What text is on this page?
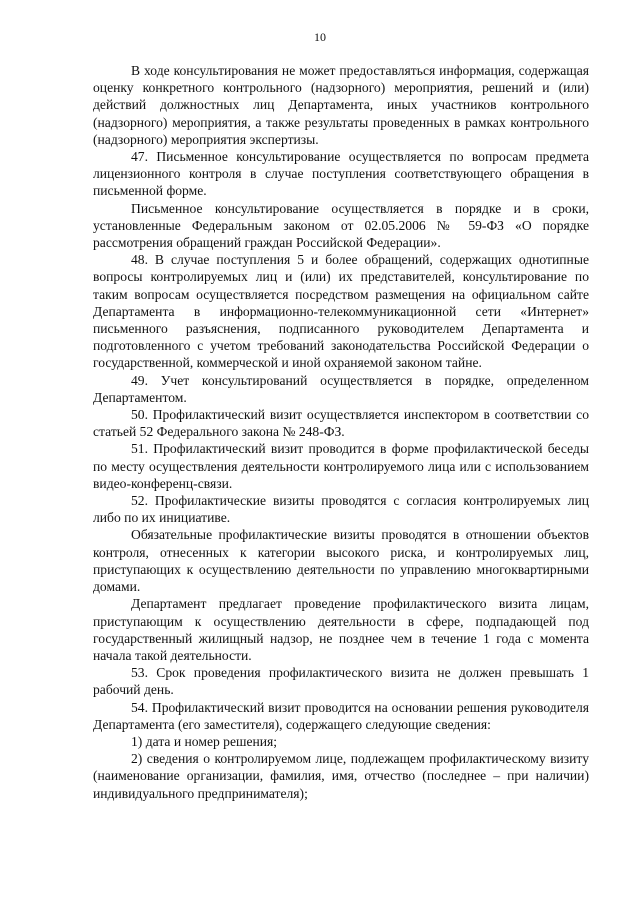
10

В ходе консультирования не может предоставляться информация, содержащая оценку конкретного контрольного (надзорного) мероприятия, решений и (или) действий должностных лиц Департамента, иных участников контрольного (надзорного) мероприятия, а также результаты проведенных в рамках контрольного (надзорного) мероприятия экспертизы.

47. Письменное консультирование осуществляется по вопросам предмета лицензионного контроля в случае поступления соответствующего обращения в письменной форме.

Письменное консультирование осуществляется в порядке и в сроки, установленные Федеральным законом от 02.05.2006 № 59-ФЗ «О порядке рассмотрения обращений граждан Российской Федерации».

48. В случае поступления 5 и более обращений, содержащих однотипные вопросы контролируемых лиц и (или) их представителей, консультирование по таким вопросам осуществляется посредством размещения на официальном сайте Департамента в информационно-телекоммуникационной сети «Интернет» письменного разъяснения, подписанного руководителем Департамента и подготовленного с учетом требований законодательства Российской Федерации о государственной, коммерческой и иной охраняемой законом тайне.

49. Учет консультирований осуществляется в порядке, определенном Департаментом.

50. Профилактический визит осуществляется инспектором в соответствии со статьей 52 Федерального закона № 248-ФЗ.

51. Профилактический визит проводится в форме профилактической беседы по месту осуществления деятельности контролируемого лица или с использованием видео-конференц-связи.

52. Профилактические визиты проводятся с согласия контролируемых лиц либо по их инициативе.

Обязательные профилактические визиты проводятся в отношении объектов контроля, отнесенных к категории высокого риска, и контролируемых лиц, приступающих к осуществлению деятельности по управлению многоквартирными домами.

Департамент предлагает проведение профилактического визита лицам, приступающим к осуществлению деятельности в сфере, подпадающей под государственный жилищный надзор, не позднее чем в течение 1 года с момента начала такой деятельности.

53. Срок проведения профилактического визита не должен превышать 1 рабочий день.

54. Профилактический визит проводится на основании решения руководителя Департамента (его заместителя), содержащего следующие сведения:

1) дата и номер решения;

2) сведения о контролируемом лице, подлежащем профилактическому визиту (наименование организации, фамилия, имя, отчество (последнее – при наличии) индивидуального предпринимателя);
